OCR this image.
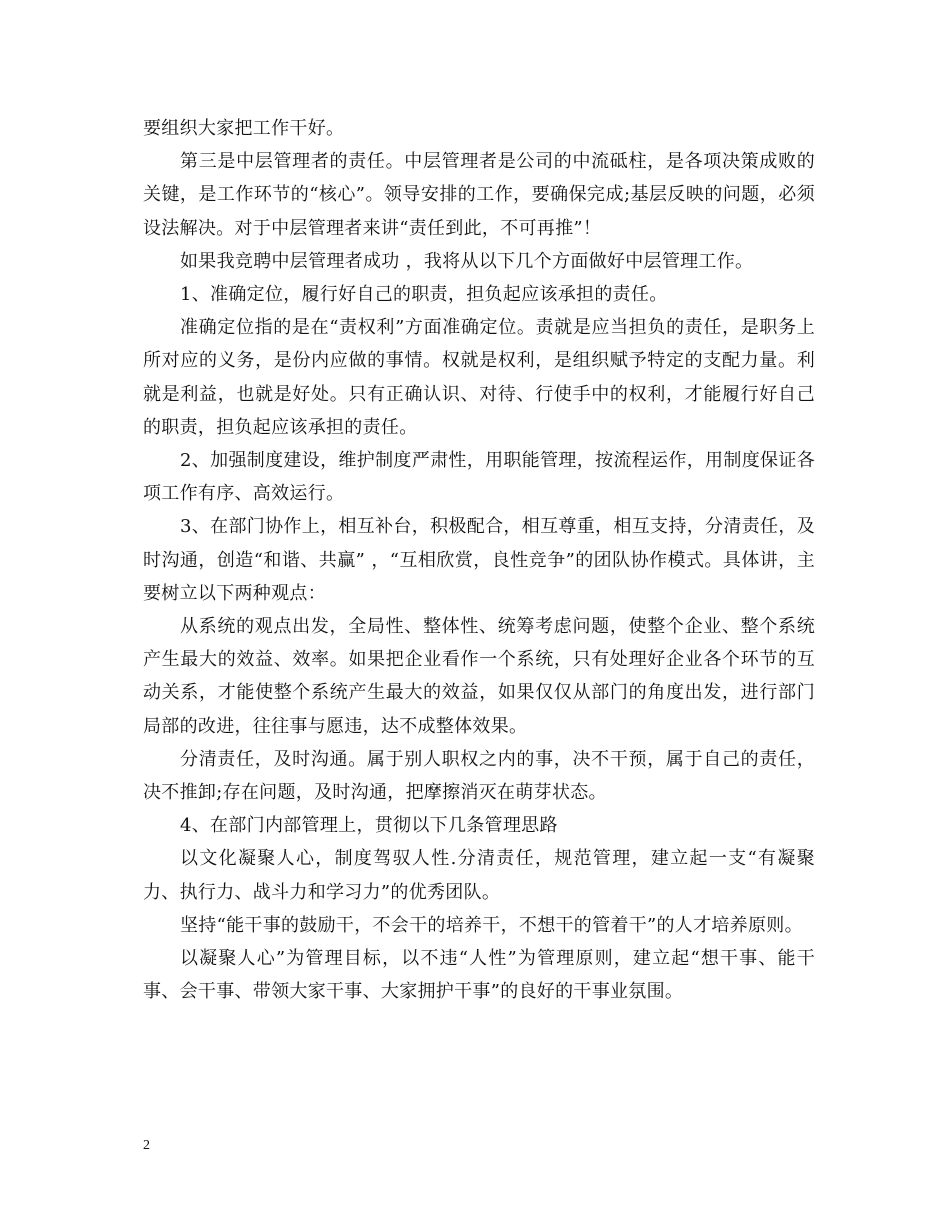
要组织大家把工作干好。

第三是中层管理者的责任。中层管理者是公司的中流砥柱，是各项决策成败的关键，是工作环节的“核心”。领导安排的工作，要确保完成;基层反映的问题，必须设法解决。对于中层管理者来讲“责任到此，不可再推”！

如果我竞聘中层管理者成功 ，我将从以下几个方面做好中层管理工作。

1、准确定位，履行好自己的职责，担负起应该承担的责任。

准确定位指的是在“责权利”方面准确定位。责就是应当担负的责任，是职务上所对应的义务，是份内应做的事情。权就是权利，是组织赋予特定的支配力量。利就是利益，也就是好处。只有正确认识、对待、行使手中的权利，才能履行好自己的职责，担负起应该承担的责任。

2、加强制度建设，维护制度严肃性，用职能管理，按流程运作，用制度保证各项工作有序、高效运行。

3、在部门协作上，相互补台，积极配合，相互尊重，相互支持，分清责任，及时沟通，创造“和谐、共赢” ，“互相欣赏，良性竞争”的团队协作模式。具体讲，主要树立以下两种观点：

从系统的观点出发，全局性、整体性、统筹考虑问题，使整个企业、整个系统产生最大的效益、效率。如果把企业看作一个系统，只有处理好企业各个环节的互动关系，才能使整个系统产生最大的效益，如果仅仅从部门的角度出发，进行部门局部的改进，往往事与愿违，达不成整体效果。

分清责任，及时沟通。属于别人职权之内的事，决不干预，属于自己的责任，决不推卸;存在问题，及时沟通，把摩擦消灭在萌芽状态。

4、在部门内部管理上，贯彻以下几条管理思路

以文化凝聚人心，制度驾驭人性.分清责任，规范管理，建立起一支“有凝聚力、执行力、战斗力和学习力”的优秀团队。

坚持“能干事的鼓励干，不会干的培养干，不想干的管着干”的人才培养原则。

以凝聚人心”为管理目标，以不违“人性”为管理原则，建立起“想干事、能干事、会干事、带领大家干事、大家拥护干事”的良好的干事业氛围。

2
